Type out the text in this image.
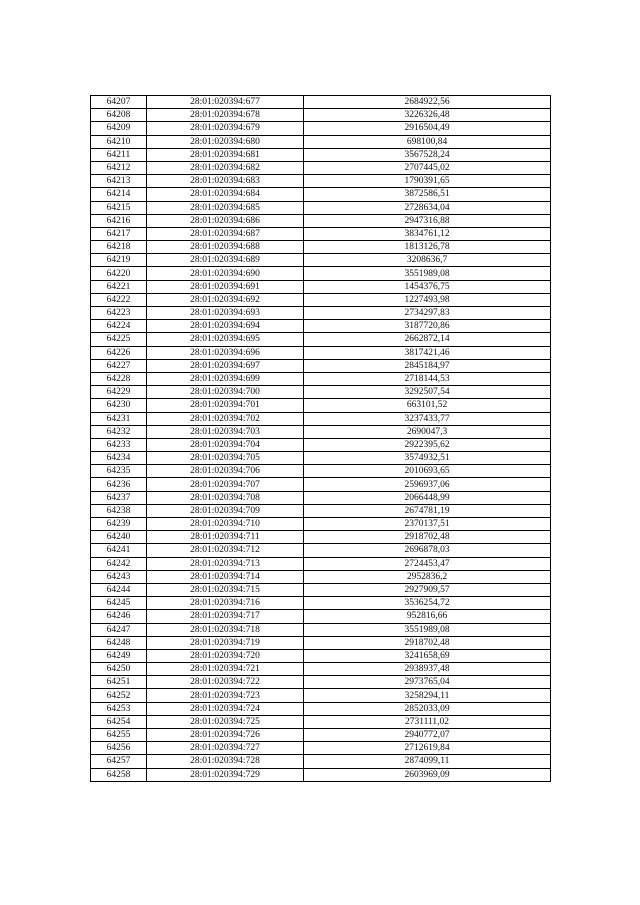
64207	28:01:020394:677	2684922,56
64208	28:01:020394:678	3226326,48
64209	28:01:020394:679	2916504,49
64210	28:01:020394:680	698100,84
64211	28:01:020394:681	3567528,24
64212	28:01:020394:682	2707445,02
64213	28:01:020394:683	1790391,65
64214	28:01:020394:684	3872586,51
64215	28:01:020394:685	2728634,04
64216	28:01:020394:686	2947316,88
64217	28:01:020394:687	3834761,12
64218	28:01:020394:688	1813126,78
64219	28:01:020394:689	3208636,7
64220	28:01:020394:690	3551989,08
64221	28:01:020394:691	1454376,75
64222	28:01:020394:692	1227493,98
64223	28:01:020394:693	2734297,83
64224	28:01:020394:694	3187720,86
64225	28:01:020394:695	2662872,14
64226	28:01:020394:696	3817421,46
64227	28:01:020394:697	2845184,97
64228	28:01:020394:699	2718144,53
64229	28:01:020394:700	3292507,54
64230	28:01:020394:701	663101,52
64231	28:01:020394:702	3237433,77
64232	28:01:020394:703	2690047,3
64233	28:01:020394:704	2922395,62
64234	28:01:020394:705	3574932,51
64235	28:01:020394:706	2010693,65
64236	28:01:020394:707	2596937,06
64237	28:01:020394:708	2066448,99
64238	28:01:020394:709	2674781,19
64239	28:01:020394:710	2370137,51
64240	28:01:020394:711	2918702,48
64241	28:01:020394:712	2696878,03
64242	28:01:020394:713	2724453,47
64243	28:01:020394:714	2952836,2
64244	28:01:020394:715	2927909,57
64245	28:01:020394:716	3536254,72
64246	28:01:020394:717	952816,66
64247	28:01:020394:718	3551989,08
64248	28:01:020394:719	2918702,48
64249	28:01:020394:720	3241658,69
64250	28:01:020394:721	2938937,48
64251	28:01:020394:722	2973765,04
64252	28:01:020394:723	3258294,11
64253	28:01:020394:724	2852033,09
64254	28:01:020394:725	2731111,02
64255	28:01:020394:726	2940772,07
64256	28:01:020394:727	2712619,84
64257	28:01:020394:728	2874099,11
64258	28:01:020394:729	2603969,09
